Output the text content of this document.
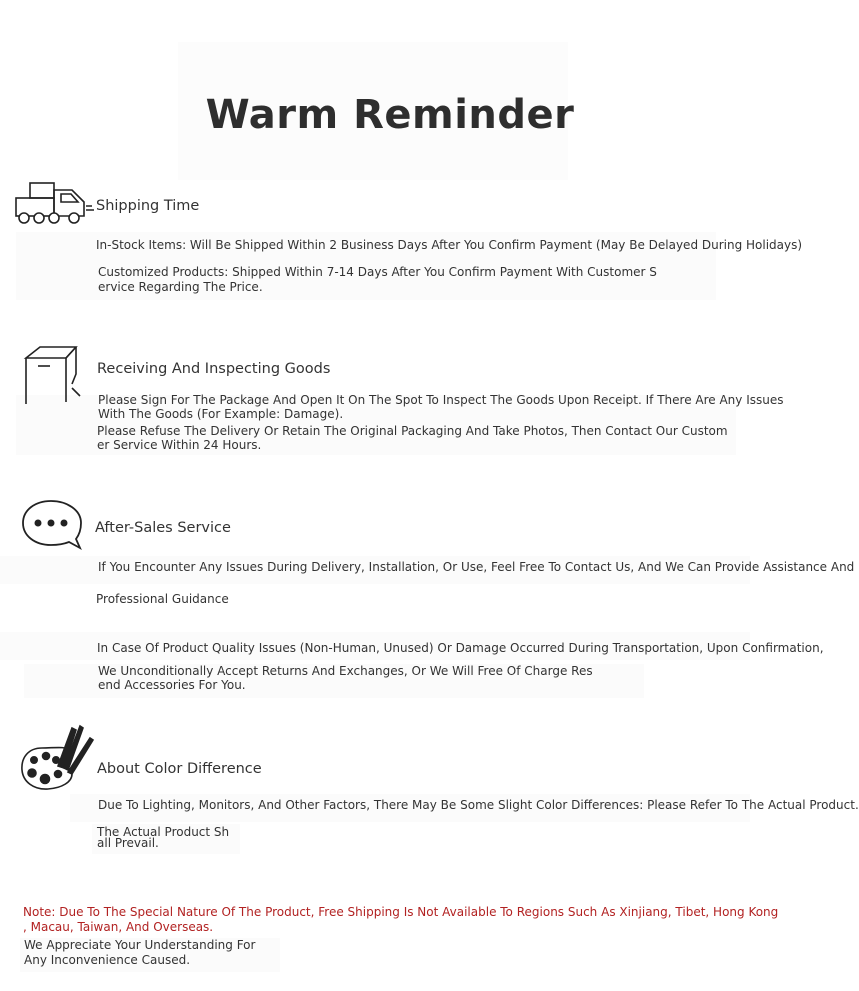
Warm Reminder
Shipping Time
In-Stock Items: Will Be Shipped Within 2 Business Days After You Confirm Payment (May Be Delayed During Holidays)
Customized Products: Shipped Within 7-14 Days After You Confirm Payment With Customer S
ervice Regarding The Price.
Receiving And Inspecting Goods
Please Sign For The Package And Open It On The Spot To Inspect The Goods Upon Receipt. If There Are Any Issues
With The Goods (For Example: Damage).
Please Refuse The Delivery Or Retain The Original Packaging And Take Photos, Then Contact Our Custom
er Service Within 24 Hours.
After-Sales Service
If You Encounter Any Issues During Delivery, Installation, Or Use, Feel Free To Contact Us, And We Can Provide Assistance And
Professional Guidance
In Case Of Product Quality Issues (Non-Human, Unused) Or Damage Occurred During Transportation, Upon Confirmation,
We Unconditionally Accept Returns And Exchanges, Or We Will Free Of Charge Res
end Accessories For You.
About Color Difference
Due To Lighting, Monitors, And Other Factors, There May Be Some Slight Color Differences: Please Refer To The Actual Product.
The Actual Product Sh
all Prevail.
Note: Due To The Special Nature Of The Product, Free Shipping Is Not Available To Regions Such As Xinjiang, Tibet, Hong Kong
, Macau, Taiwan, And Overseas.
We Appreciate Your Understanding For
Any Inconvenience Caused.
